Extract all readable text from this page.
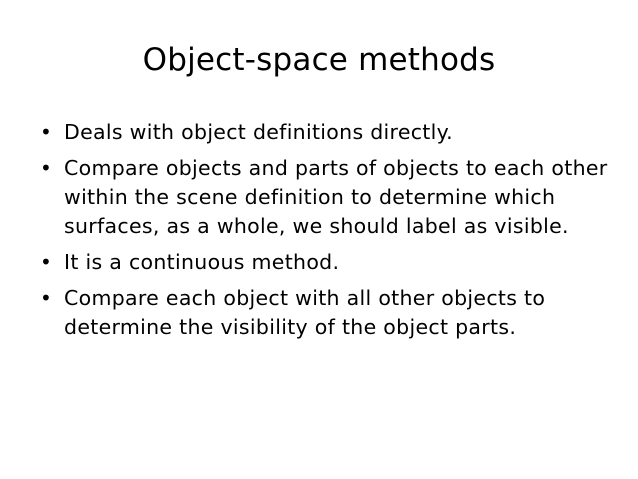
Object-space methods
• Deals with object definitions directly.
• Compare objects and parts of objects to each other within the scene definition to determine which surfaces, as a whole, we should label as visible.
• It is a continuous method.
• Compare each object with all other objects to determine the visibility of the object parts.
